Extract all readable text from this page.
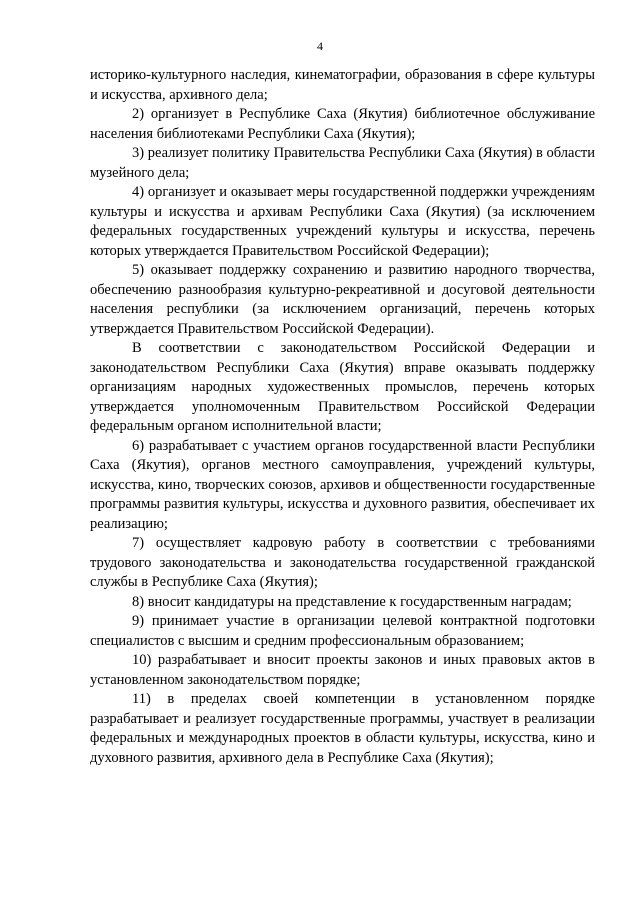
4

историко-культурного наследия, кинематографии, образования в сфере культуры и искусства, архивного дела;

2) организует в Республике Саха (Якутия) библиотечное обслуживание населения библиотеками Республики Саха (Якутия);

3) реализует политику Правительства Республики Саха (Якутия) в области музейного дела;

4) организует и оказывает меры государственной поддержки учреждениям культуры и искусства и архивам Республики Саха (Якутия) (за исключением федеральных государственных учреждений культуры и искусства, перечень которых утверждается Правительством Российской Федерации);

5) оказывает поддержку сохранению и развитию народного творчества, обеспечению разнообразия культурно-рекреативной и досуговой деятельности населения республики (за исключением организаций, перечень которых утверждается Правительством Российской Федерации).

В соответствии с законодательством Российской Федерации и законодательством Республики Саха (Якутия) вправе оказывать поддержку организациям народных художественных промыслов, перечень которых утверждается уполномоченным Правительством Российской Федерации федеральным органом исполнительной власти;

6) разрабатывает с участием органов государственной власти Республики Саха (Якутия), органов местного самоуправления, учреждений культуры, искусства, кино, творческих союзов, архивов и общественности государственные программы развития культуры, искусства и духовного развития, обеспечивает их реализацию;

7) осуществляет кадровую работу в соответствии с требованиями трудового законодательства и законодательства государственной гражданской службы в Республике Саха (Якутия);

8) вносит кандидатуры на представление к государственным наградам;

9) принимает участие в организации целевой контрактной подготовки специалистов с высшим и средним профессиональным образованием;

10) разрабатывает и вносит проекты законов и иных правовых актов в установленном законодательством порядке;

11) в пределах своей компетенции в установленном порядке разрабатывает и реализует государственные программы, участвует в реализации федеральных и международных проектов в области культуры, искусства, кино и духовного развития, архивного дела в Республике Саха (Якутия);
